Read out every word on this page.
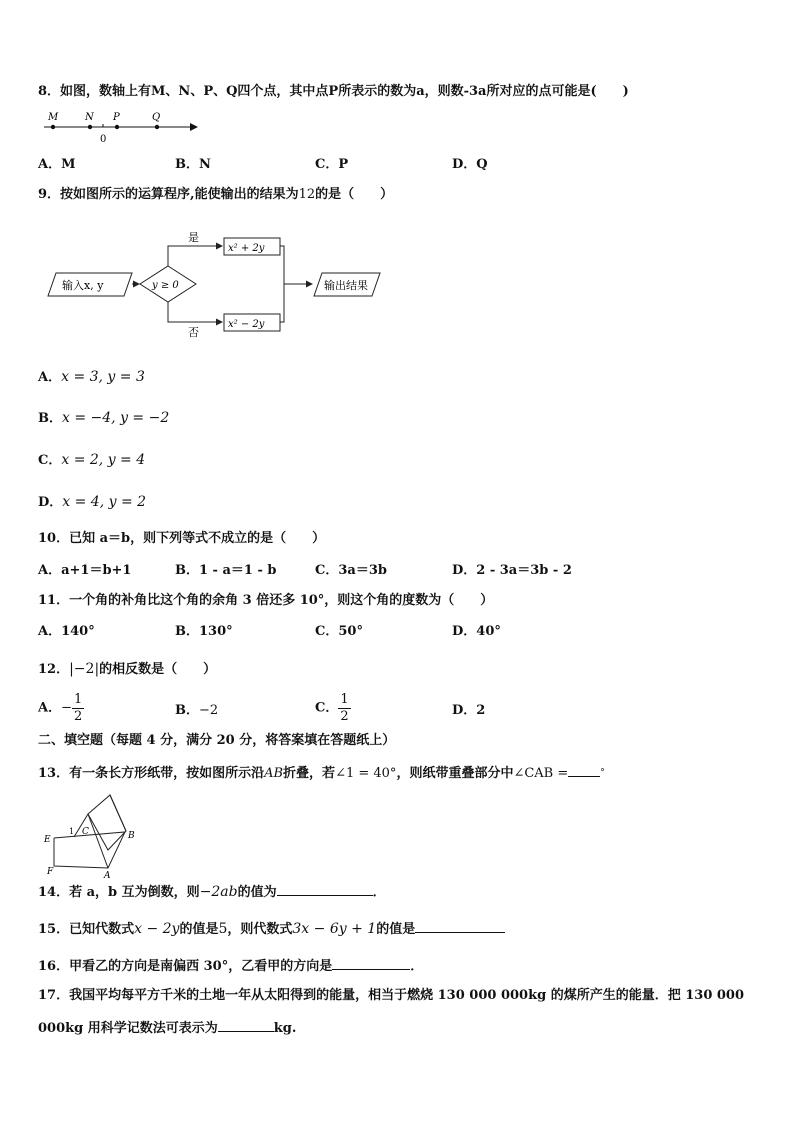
8．如图，数轴上有M、N、P、Q四个点，其中点P所表示的数为a，则数-3a所对应的点可能是(　　)
M	N P	Q
0
A．M	B．N	C．P	D．Q
9．按如图所示的运算程序,能使输出的结果为12的是（　　）
输入x, y	y ≥ 0
是
x² + 2y
否
x² − 2y
输出结果
A．x = 3, y = 3
B．x = −4, y = −2
C．x = 2, y = 4
D．x = 4, y = 2
10．已知 a＝b，则下列等式不成立的是（　　）
A．a+1＝b+1	B．1 - a＝1 - b	C．3a＝3b	D．2 - 3a＝3b - 2
11．一个角的补角比这个角的余角 3 倍还多 10°，则这个角的度数为（　　）
A．140°	B．130°	C．50°	D．40°
12．|−2|的相反数是（　　）
A．− $\frac{1}{2}$	B．−2	C． $\frac{1}{2}$	D．2
二、填空题（每题 4 分，满分 20 分，将答案填在答题纸上）
13．有一条长方形纸带，按如图所示沿AB折叠，若∠1 = 40°，则纸带重叠部分中∠CAB =	°
E
1 C	B
F	A
14．若 a，b 互为倒数，则−2ab的值为	．
15．已知代数式x − 2y的值是5，则代数式3x − 6y + 1的值是
16．甲看乙的方向是南偏西 30°，乙看甲的方向是	．
17．我国平均每平方千米的土地一年从太阳得到的能量，相当于燃烧 130 000 000kg 的煤所产生的能量．把 130 000
000kg 用科学记数法可表示为	kg.
